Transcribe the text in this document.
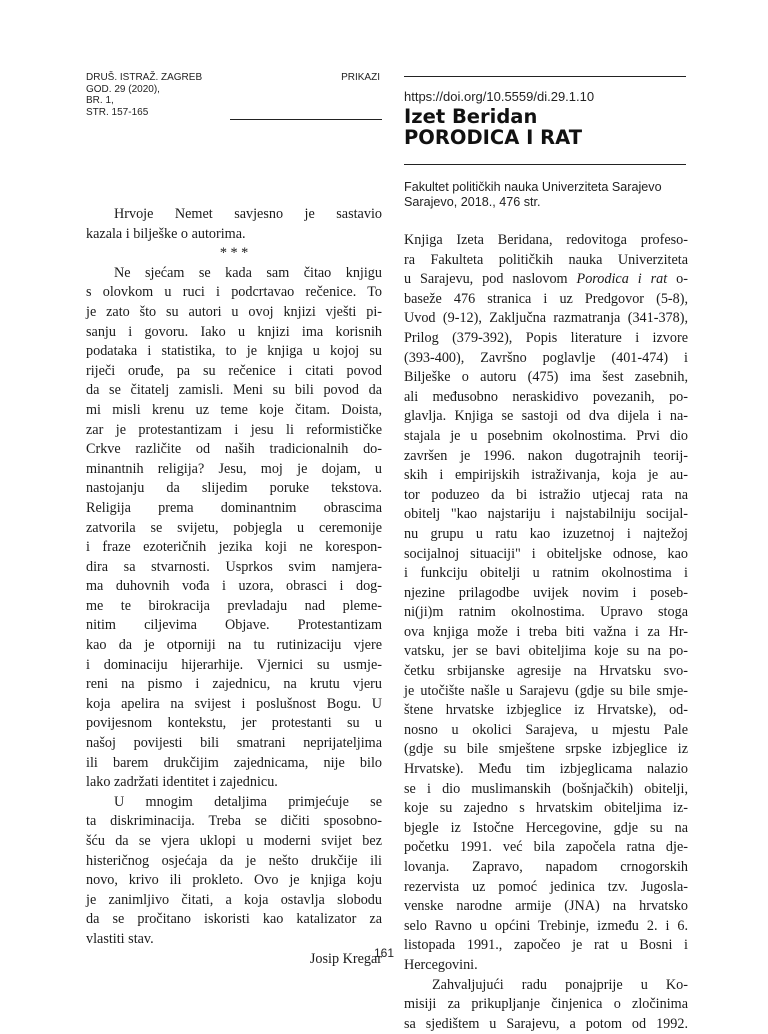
DRUŠ. ISTRAŽ. ZAGREB
GOD. 29 (2020),
BR. 1,
STR. 157-165
PRIKAZI
https://doi.org/10.5559/di.29.1.10
Izet Beridan
PORODICA I RAT
Fakultet političkih nauka Univerziteta Sarajevo
Sarajevo, 2018., 476 str.
Hrvoje Nemet savjesno je sastavio
kazala i bilješke o autorima.
* * *
Ne sjećam se kada sam čitao knjigu
s olovkom u ruci i podcrtavao rečenice. To
je zato što su autori u ovoj knjizi vješti pi-
sanju i govoru. Iako u knjizi ima korisnih
podataka i statistika, to je knjiga u kojoj su
riječi oruđe, pa su rečenice i citati povod
da se čitatelj zamisli. Meni su bili povod da
mi misli krenu uz teme koje čitam. Doista,
zar je protestantizam i jesu li reformističke
Crkve različite od naših tradicionalnih do-
minantnih religija? Jesu, moj je dojam, u
nastojanju da slijedim poruke tekstova.
Religija prema dominantnim obrascima
zatvorila se svijetu, pobjegla u ceremonije
i fraze ezoteričnih jezika koji ne korespon-
dira sa stvarnosti. Usprkos svim namjera-
ma duhovnih vođa i uzora, obrasci i dog-
me te birokracija prevladaju nad pleme-
nitim ciljevima Objave. Protestantizam
kao da je otporniji na tu rutinizaciju vjere
i dominaciju hijerarhije. Vjernici su usmje-
reni na pismo i zajednicu, na krutu vjeru
koja apelira na svijest i poslušnost Bogu. U
povijesnom kontekstu, jer protestanti su u
našoj povijesti bili smatrani neprijateljima
ili barem drukčijim zajednicama, nije bilo
lako zadržati identitet i zajednicu.
U mnogim detaljima primjećuje se
ta diskriminacija. Treba se dičiti sposobno-
šću da se vjera uklopi u moderni svijet bez
histeričnog osjećaja da je nešto drukčije ili
novo, krivo ili prokleto. Ovo je knjiga koju
je zanimljivo čitati, a koja ostavlja slobodu
da se pročitano iskoristi kao katalizator za
vlastiti stav.
Josip Kregar
Knjiga Izeta Beridana, redovitoga profeso-
ra Fakulteta političkih nauka Univerziteta
u Sarajevu, pod naslovom Porodica i rat o-
baseže 476 stranica i uz Predgovor (5-8),
Uvod (9-12), Zaključna razmatranja (341-378),
Prilog (379-392), Popis literature i izvore
(393-400), Završno poglavlje (401-474) i
Bilješke o autoru (475) ima šest zasebnih,
ali međusobno neraskidivo povezanih, po-
glavlja. Knjiga se sastoji od dva dijela i na-
stajala je u posebnim okolnostima. Prvi dio
završen je 1996. nakon dugotrajnih teorij-
skih i empirijskih istraživanja, koja je au-
tor poduzeo da bi istražio utjecaj rata na
obitelj "kao najstariju i najstabilniju socijal-
nu grupu u ratu kao izuzetnoj i najtežoj
socijalnoj situaciji" i obiteljske odnose, kao
i funkciju obitelji u ratnim okolnostima i
njezine prilagodbe uvijek novim i poseb-
ni(ji)m ratnim okolnostima. Upravo stoga
ova knjiga može i treba biti važna i za Hr-
vatsku, jer se bavi obiteljima koje su na po-
četku srbijanske agresije na Hrvatsku svo-
je utočište našle u Sarajevu (gdje su bile smje-
štene hrvatske izbjeglice iz Hrvatske), od-
nosno u okolici Sarajeva, u mjestu Pale
(gdje su bile smještene srpske izbjeglice iz
Hrvatske). Među tim izbjeglicama nalazio
se i dio muslimanskih (bošnjačkih) obitelji,
koje su zajedno s hrvatskim obiteljima iz-
bjegle iz Istočne Hercegovine, gdje su na
početku 1991. već bila započela ratna dje-
lovanja. Zapravo, napadom crnogorskih
rezervista uz pomoć jedinica tzv. Jugosla-
venske narodne armije (JNA) na hrvatsko
selo Ravno u općini Trebinje, između 2. i 6.
listopada 1991., započeo je rat u Bosni i
Hercegovini.
Zahvaljujući radu ponajprije u Ko-
misiji za prikupljanje činjenica o zločinima
sa sjedištem u Sarajevu, a potom od 1992.
161
